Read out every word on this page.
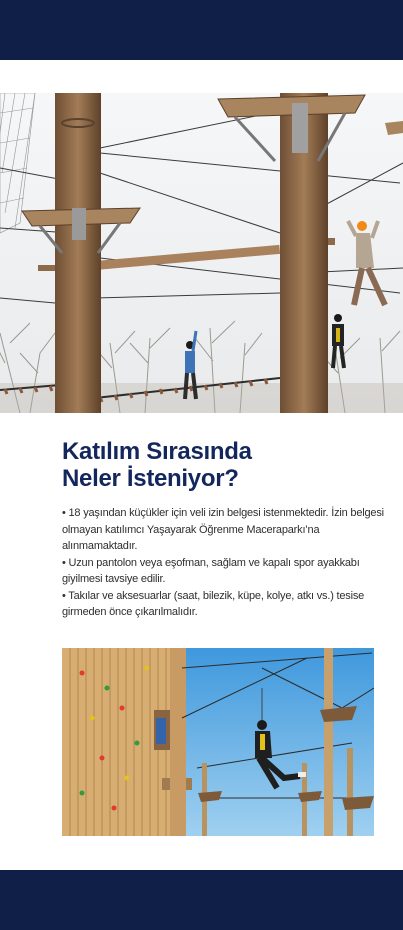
Katılım Sırasında
Neler İsteniyor?
• 18 yaşından küçükler için veli izin belgesi istenmektedir. İzin belgesi olmayan katılımcı Yaşayarak Öğrenme Maceraparkı’na alınmamaktadır.
• Uzun pantolon veya eşofman, sağlam ve kapalı spor ayakkabı giyilmesi tavsiye edilir.
• Takılar ve aksesuarlar (saat, bilezik, küpe, kolye, atkı vs.) tesise girmeden önce çıkarılmalıdır.
